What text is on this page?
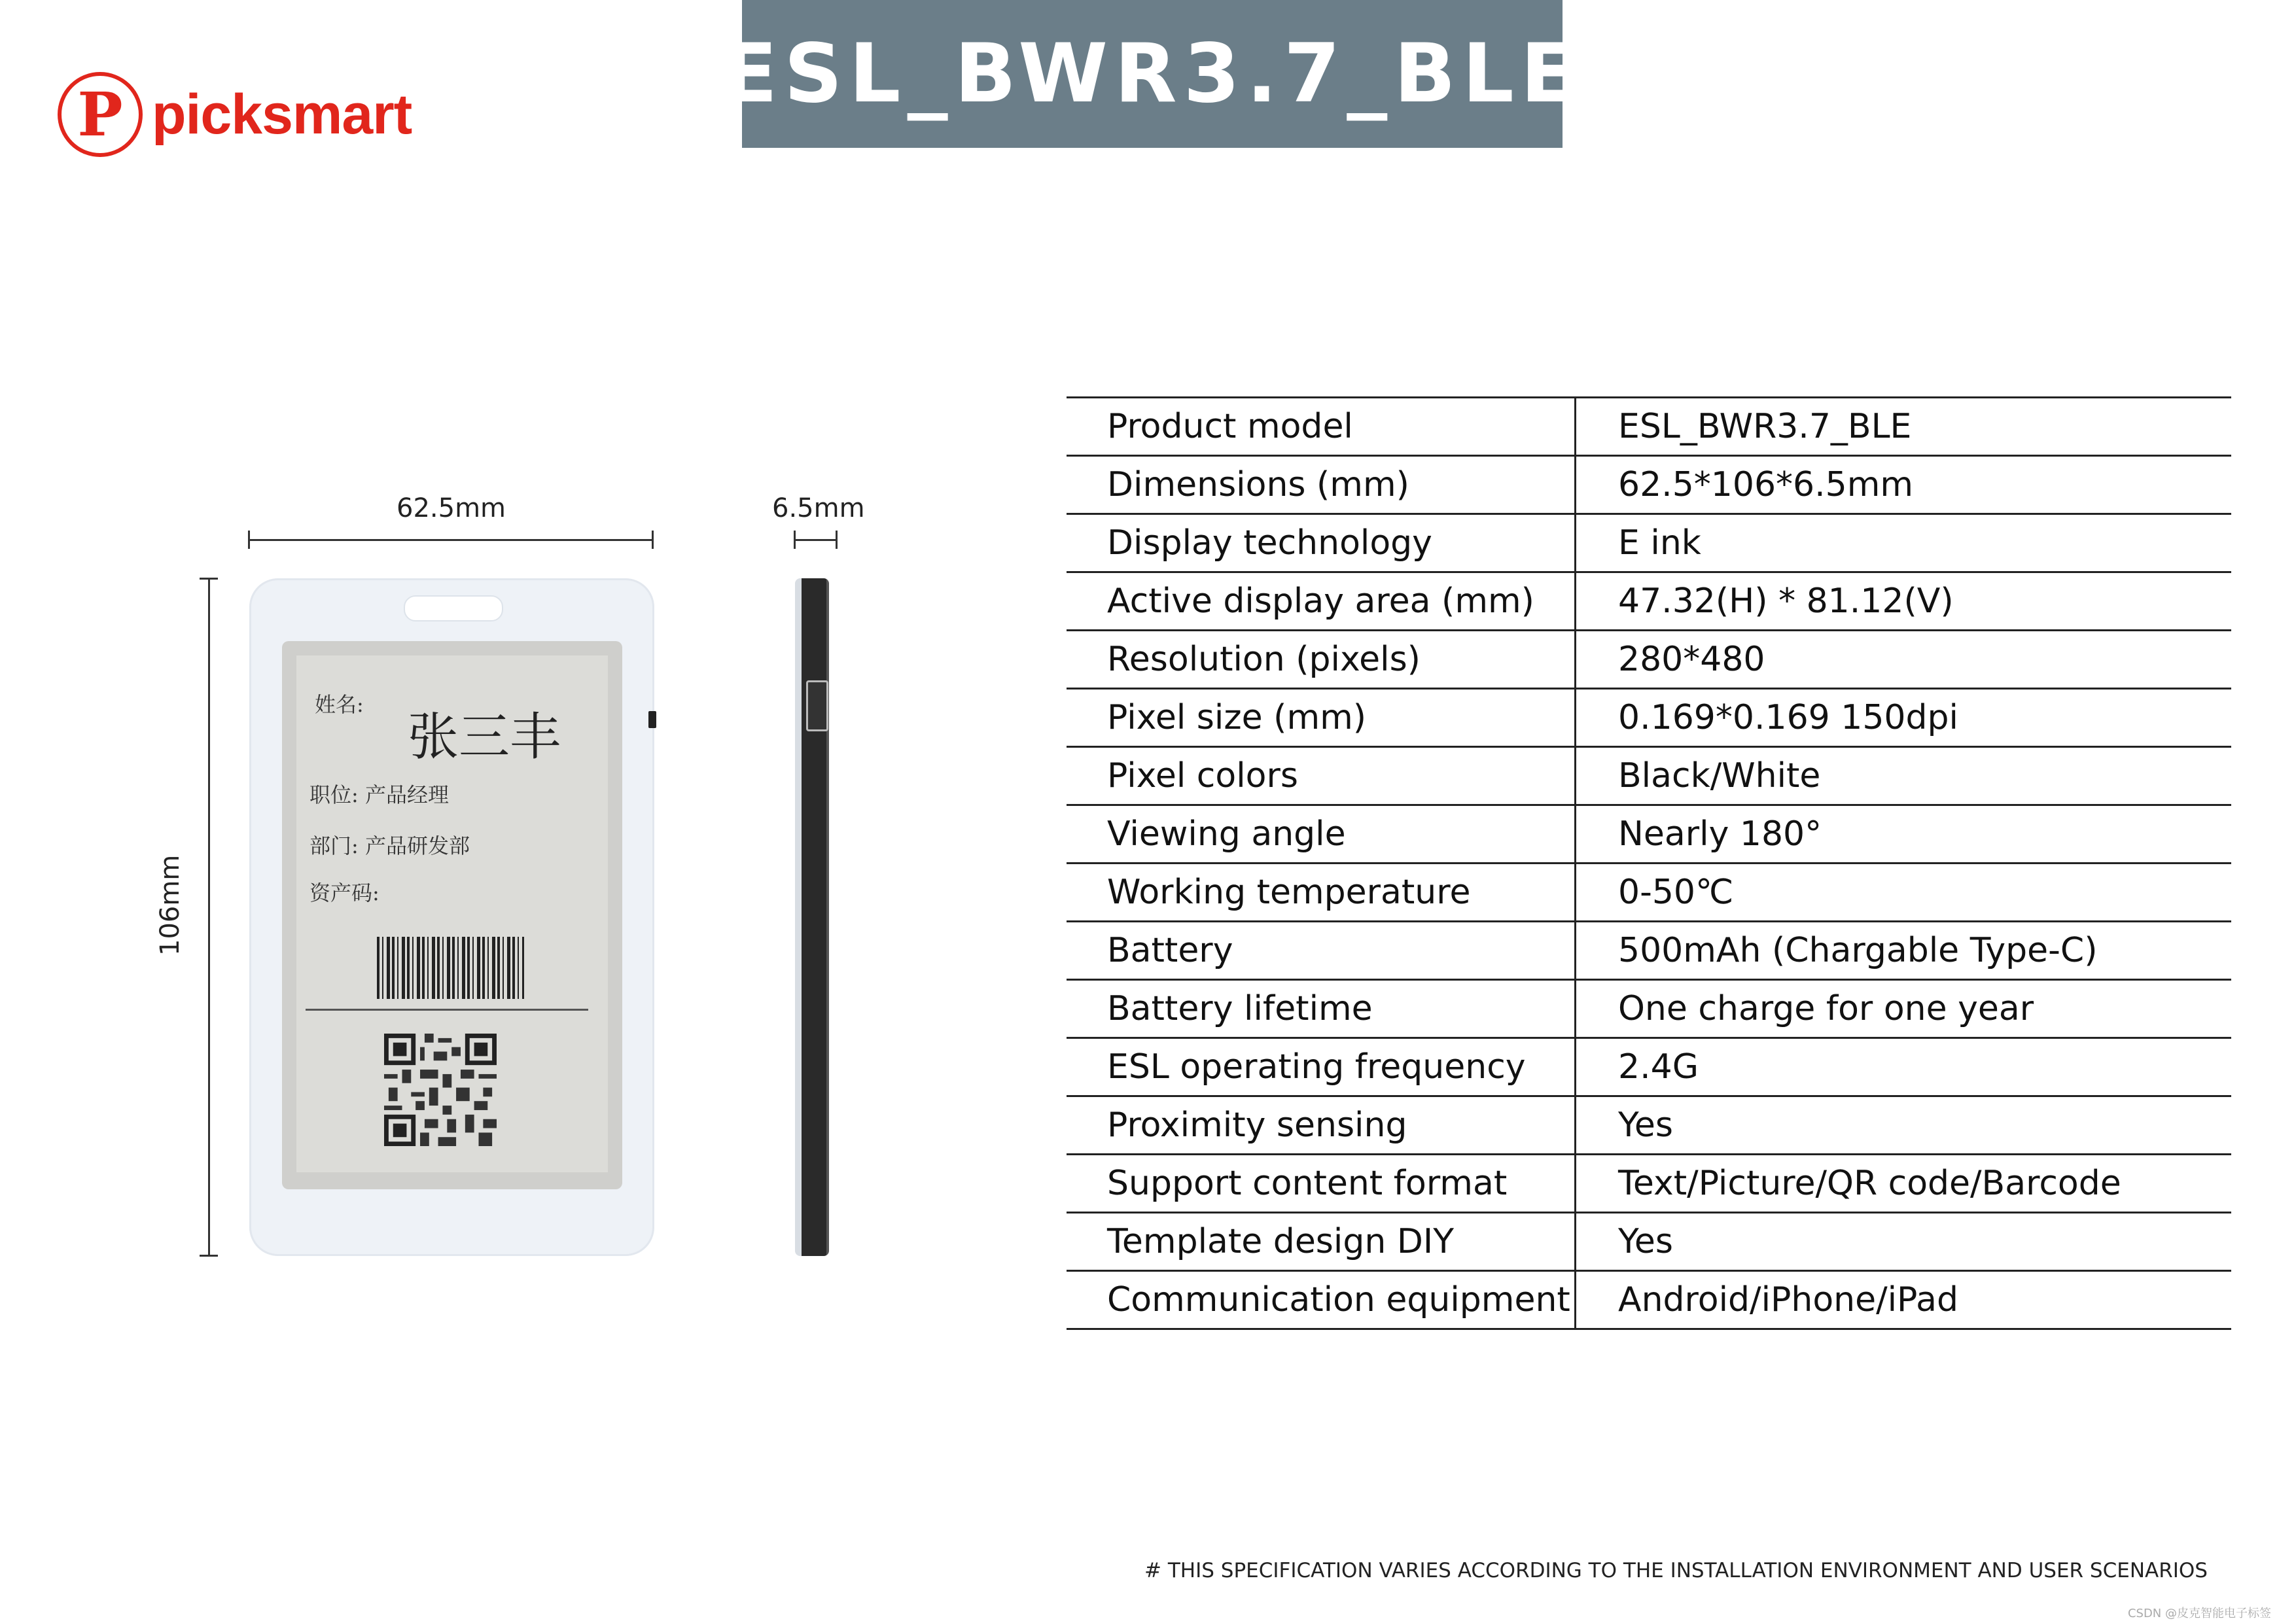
P picksmart	ESL_BWR3.7_BLE
62.5mm	6.5mm
106mm
姓名:
张三丰
职位: 产品经理
部门: 产品研发部
资产码:
Product model	ESL_BWR3.7_BLE
Dimensions (mm)	62.5*106*6.5mm
Display technology	E ink
Active display area (mm)	47.32(H) * 81.12(V)
Resolution (pixels)	280*480
Pixel size (mm)	0.169*0.169 150dpi
Pixel colors	Black/White
Viewing angle	Nearly 180°
Working temperature	0-50℃
Battery	500mAh (Chargable Type-C)
Battery lifetime	One charge for one year
ESL operating frequency	2.4G
Proximity sensing	Yes
Support content format	Text/Picture/QR code/Barcode
Template design DIY	Yes
Communication equipment	Android/iPhone/iPad
# THIS SPECIFICATION VARIES ACCORDING TO THE INSTALLATION ENVIRONMENT AND USER SCENARIOS
CSDN @皮克智能电子标签
